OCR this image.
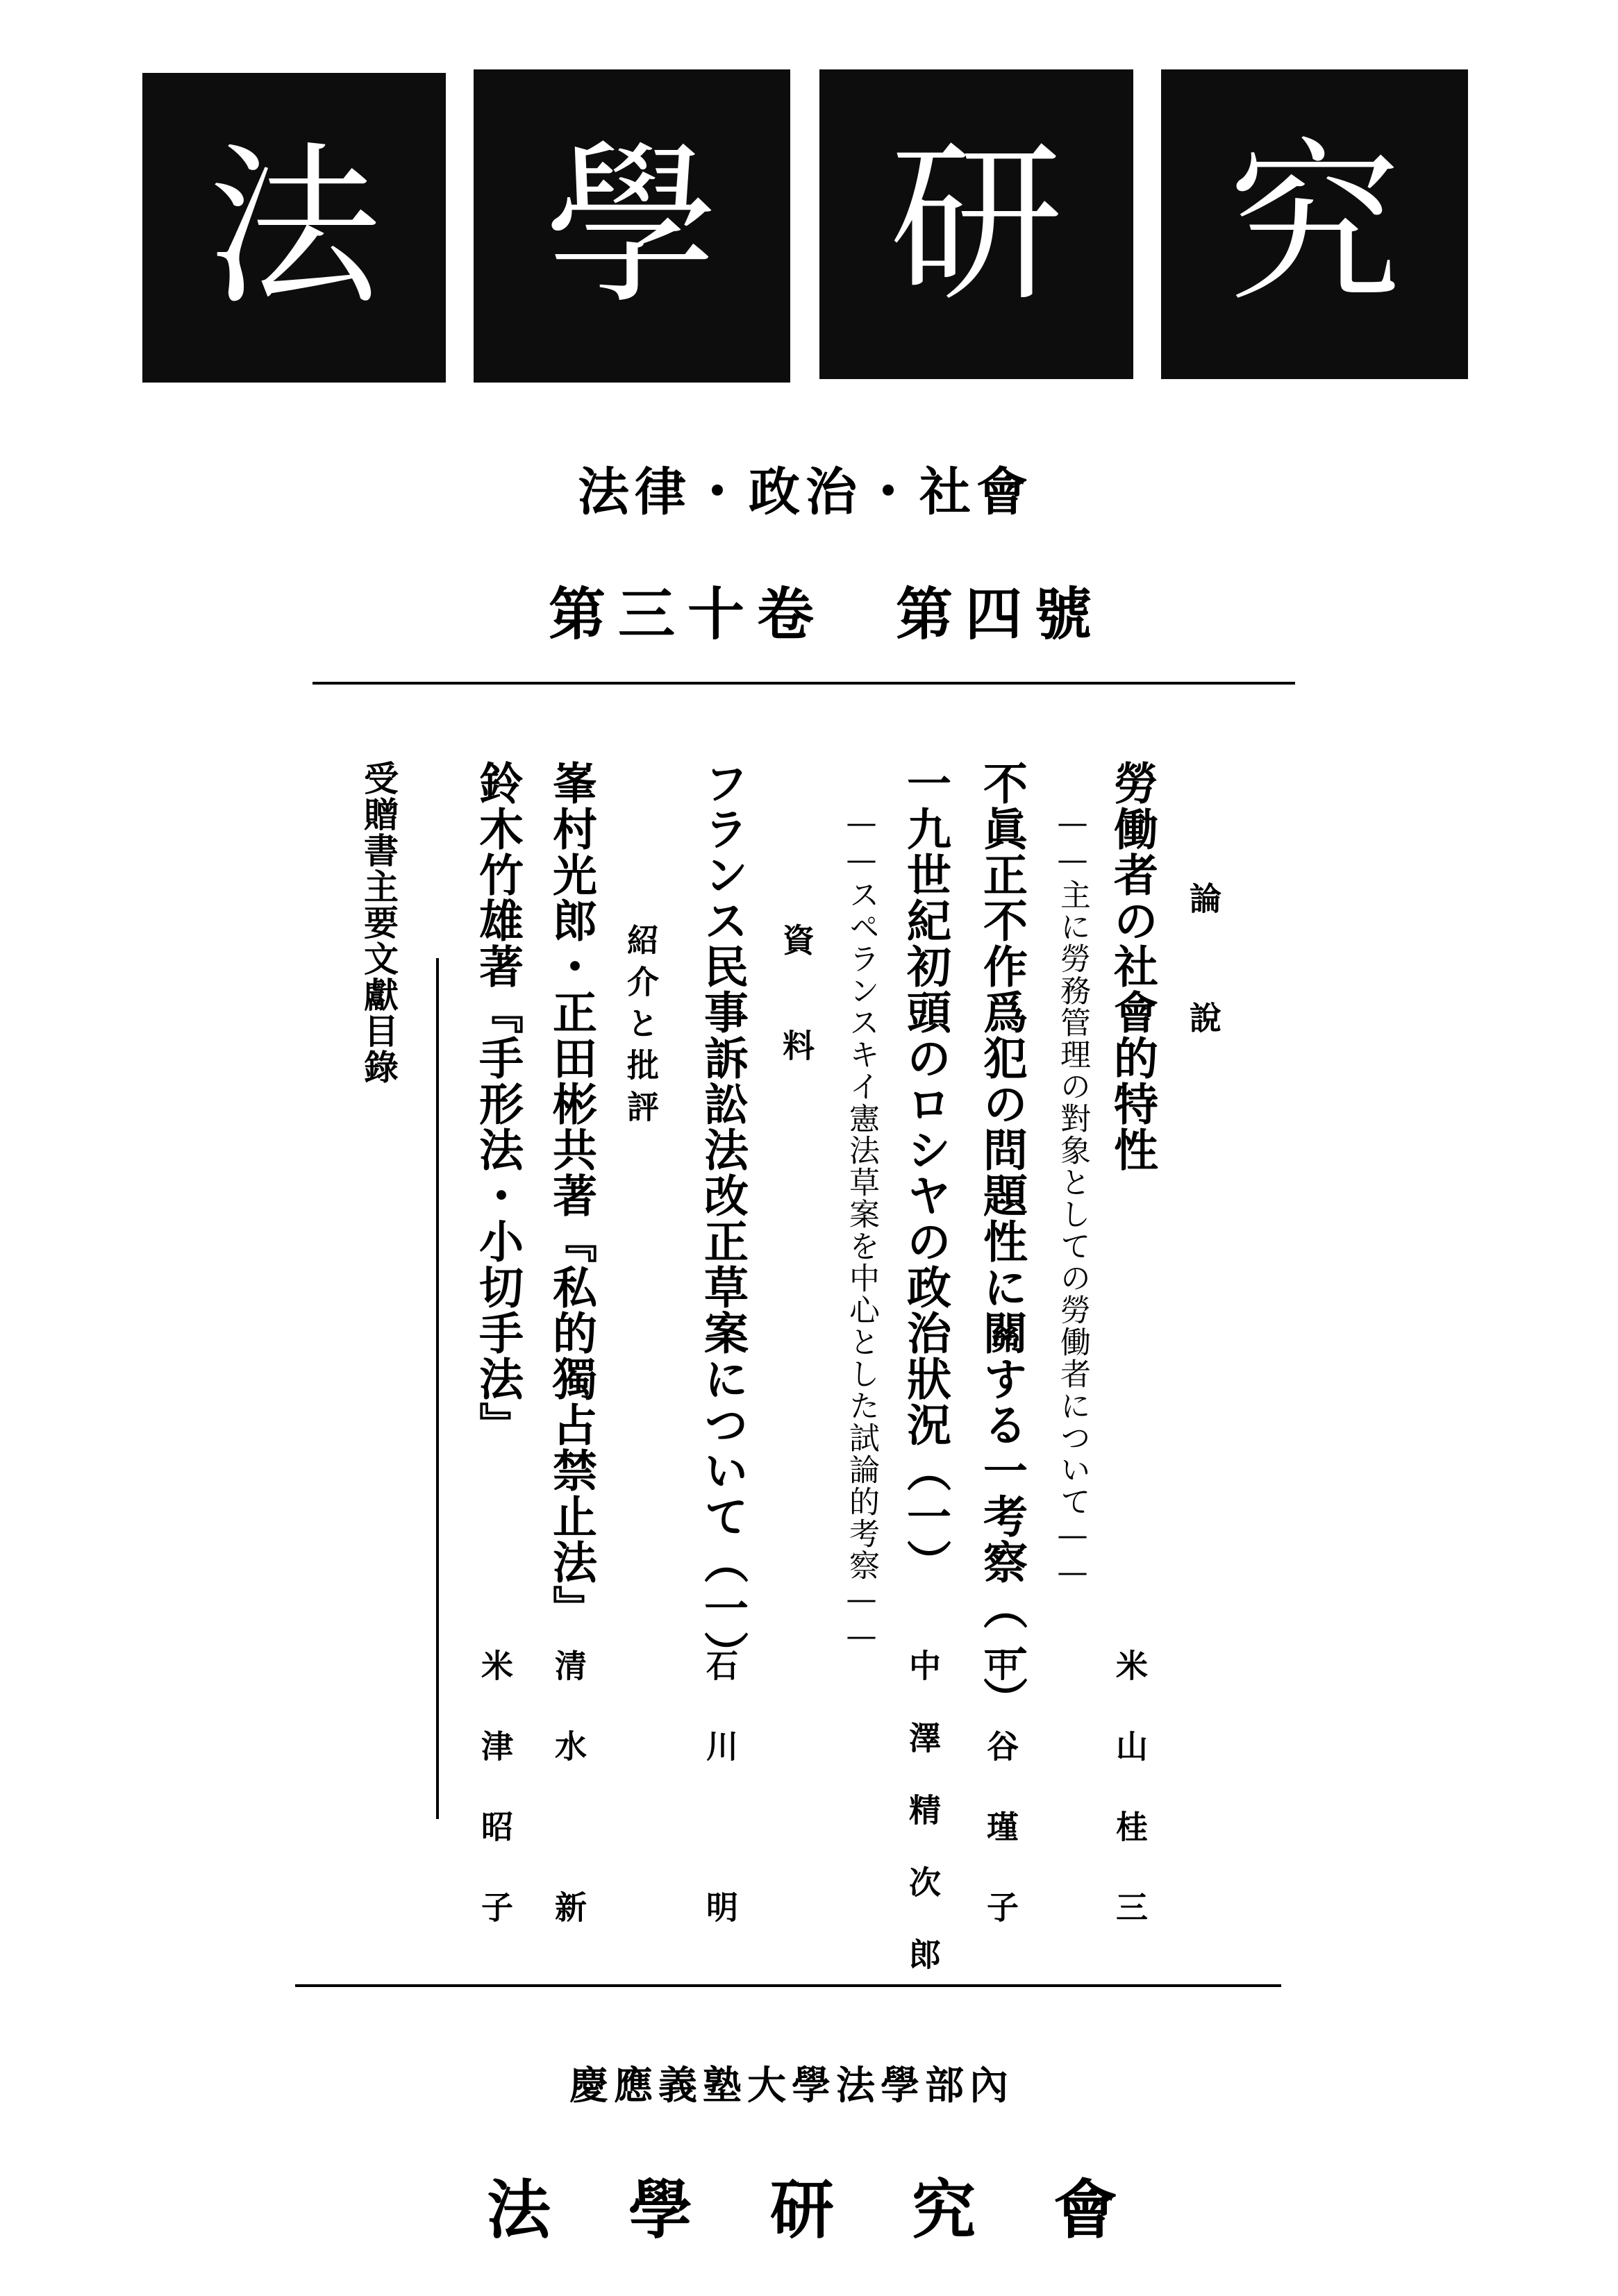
法 學 研 究
法律・政治・社會
第三十卷　第四號
論　說
勞働者の社會的特性
——主に勞務管理の對象としての勞働者について——
米　山　桂　三
不眞正不作爲犯の問題性に關する一考察（一）
中　谷　瑾　子
一九世紀初頭のロシヤの政治狀況（一）
——スペランスキイ憲法草案を中心とした試論的考察——
中　澤　精　次　郎
資　料
フランス民事訴訟法改正草案について（一）
石　川　　　明
紹介と批評
峯村光郎・正田彬共著『私的獨占禁止法』
清　水　　　新
鈴木竹雄著『手形法・小切手法』
米　津　昭　子
受贈書主要文獻目錄
慶應義塾大學法學部內
法　學　研　究　會
